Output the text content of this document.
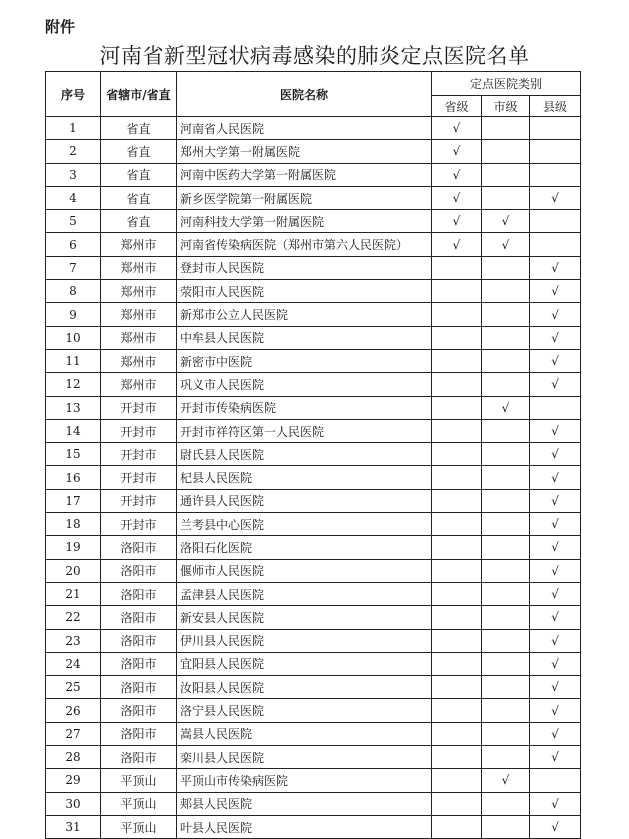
附件
河南省新型冠状病毒感染的肺炎定点医院名单
序号	省辖市/省直	医院名称	定点医院类别		
			省级	市级	县级
1	省直	河南省人民医院	√		
2	省直	郑州大学第一附属医院	√		
3	省直	河南中医药大学第一附属医院	√		
4	省直	新乡医学院第一附属医院	√		√
5	省直	河南科技大学第一附属医院	√	√	
6	郑州市	河南省传染病医院（郑州市第六人民医院）	√	√	
7	郑州市	登封市人民医院			√
8	郑州市	荥阳市人民医院			√
9	郑州市	新郑市公立人民医院			√
10	郑州市	中牟县人民医院			√
11	郑州市	新密市中医院			√
12	郑州市	巩义市人民医院			√
13	开封市	开封市传染病医院		√	
14	开封市	开封市祥符区第一人民医院			√
15	开封市	尉氏县人民医院			√
16	开封市	杞县人民医院			√
17	开封市	通许县人民医院			√
18	开封市	兰考县中心医院			√
19	洛阳市	洛阳石化医院			√
20	洛阳市	偃师市人民医院			√
21	洛阳市	孟津县人民医院			√
22	洛阳市	新安县人民医院			√
23	洛阳市	伊川县人民医院			√
24	洛阳市	宜阳县人民医院			√
25	洛阳市	汝阳县人民医院			√
26	洛阳市	洛宁县人民医院			√
27	洛阳市	嵩县人民医院			√
28	洛阳市	栾川县人民医院			√
29	平顶山	平顶山市传染病医院		√	
30	平顶山	郏县人民医院			√
31	平顶山	叶县人民医院			√
